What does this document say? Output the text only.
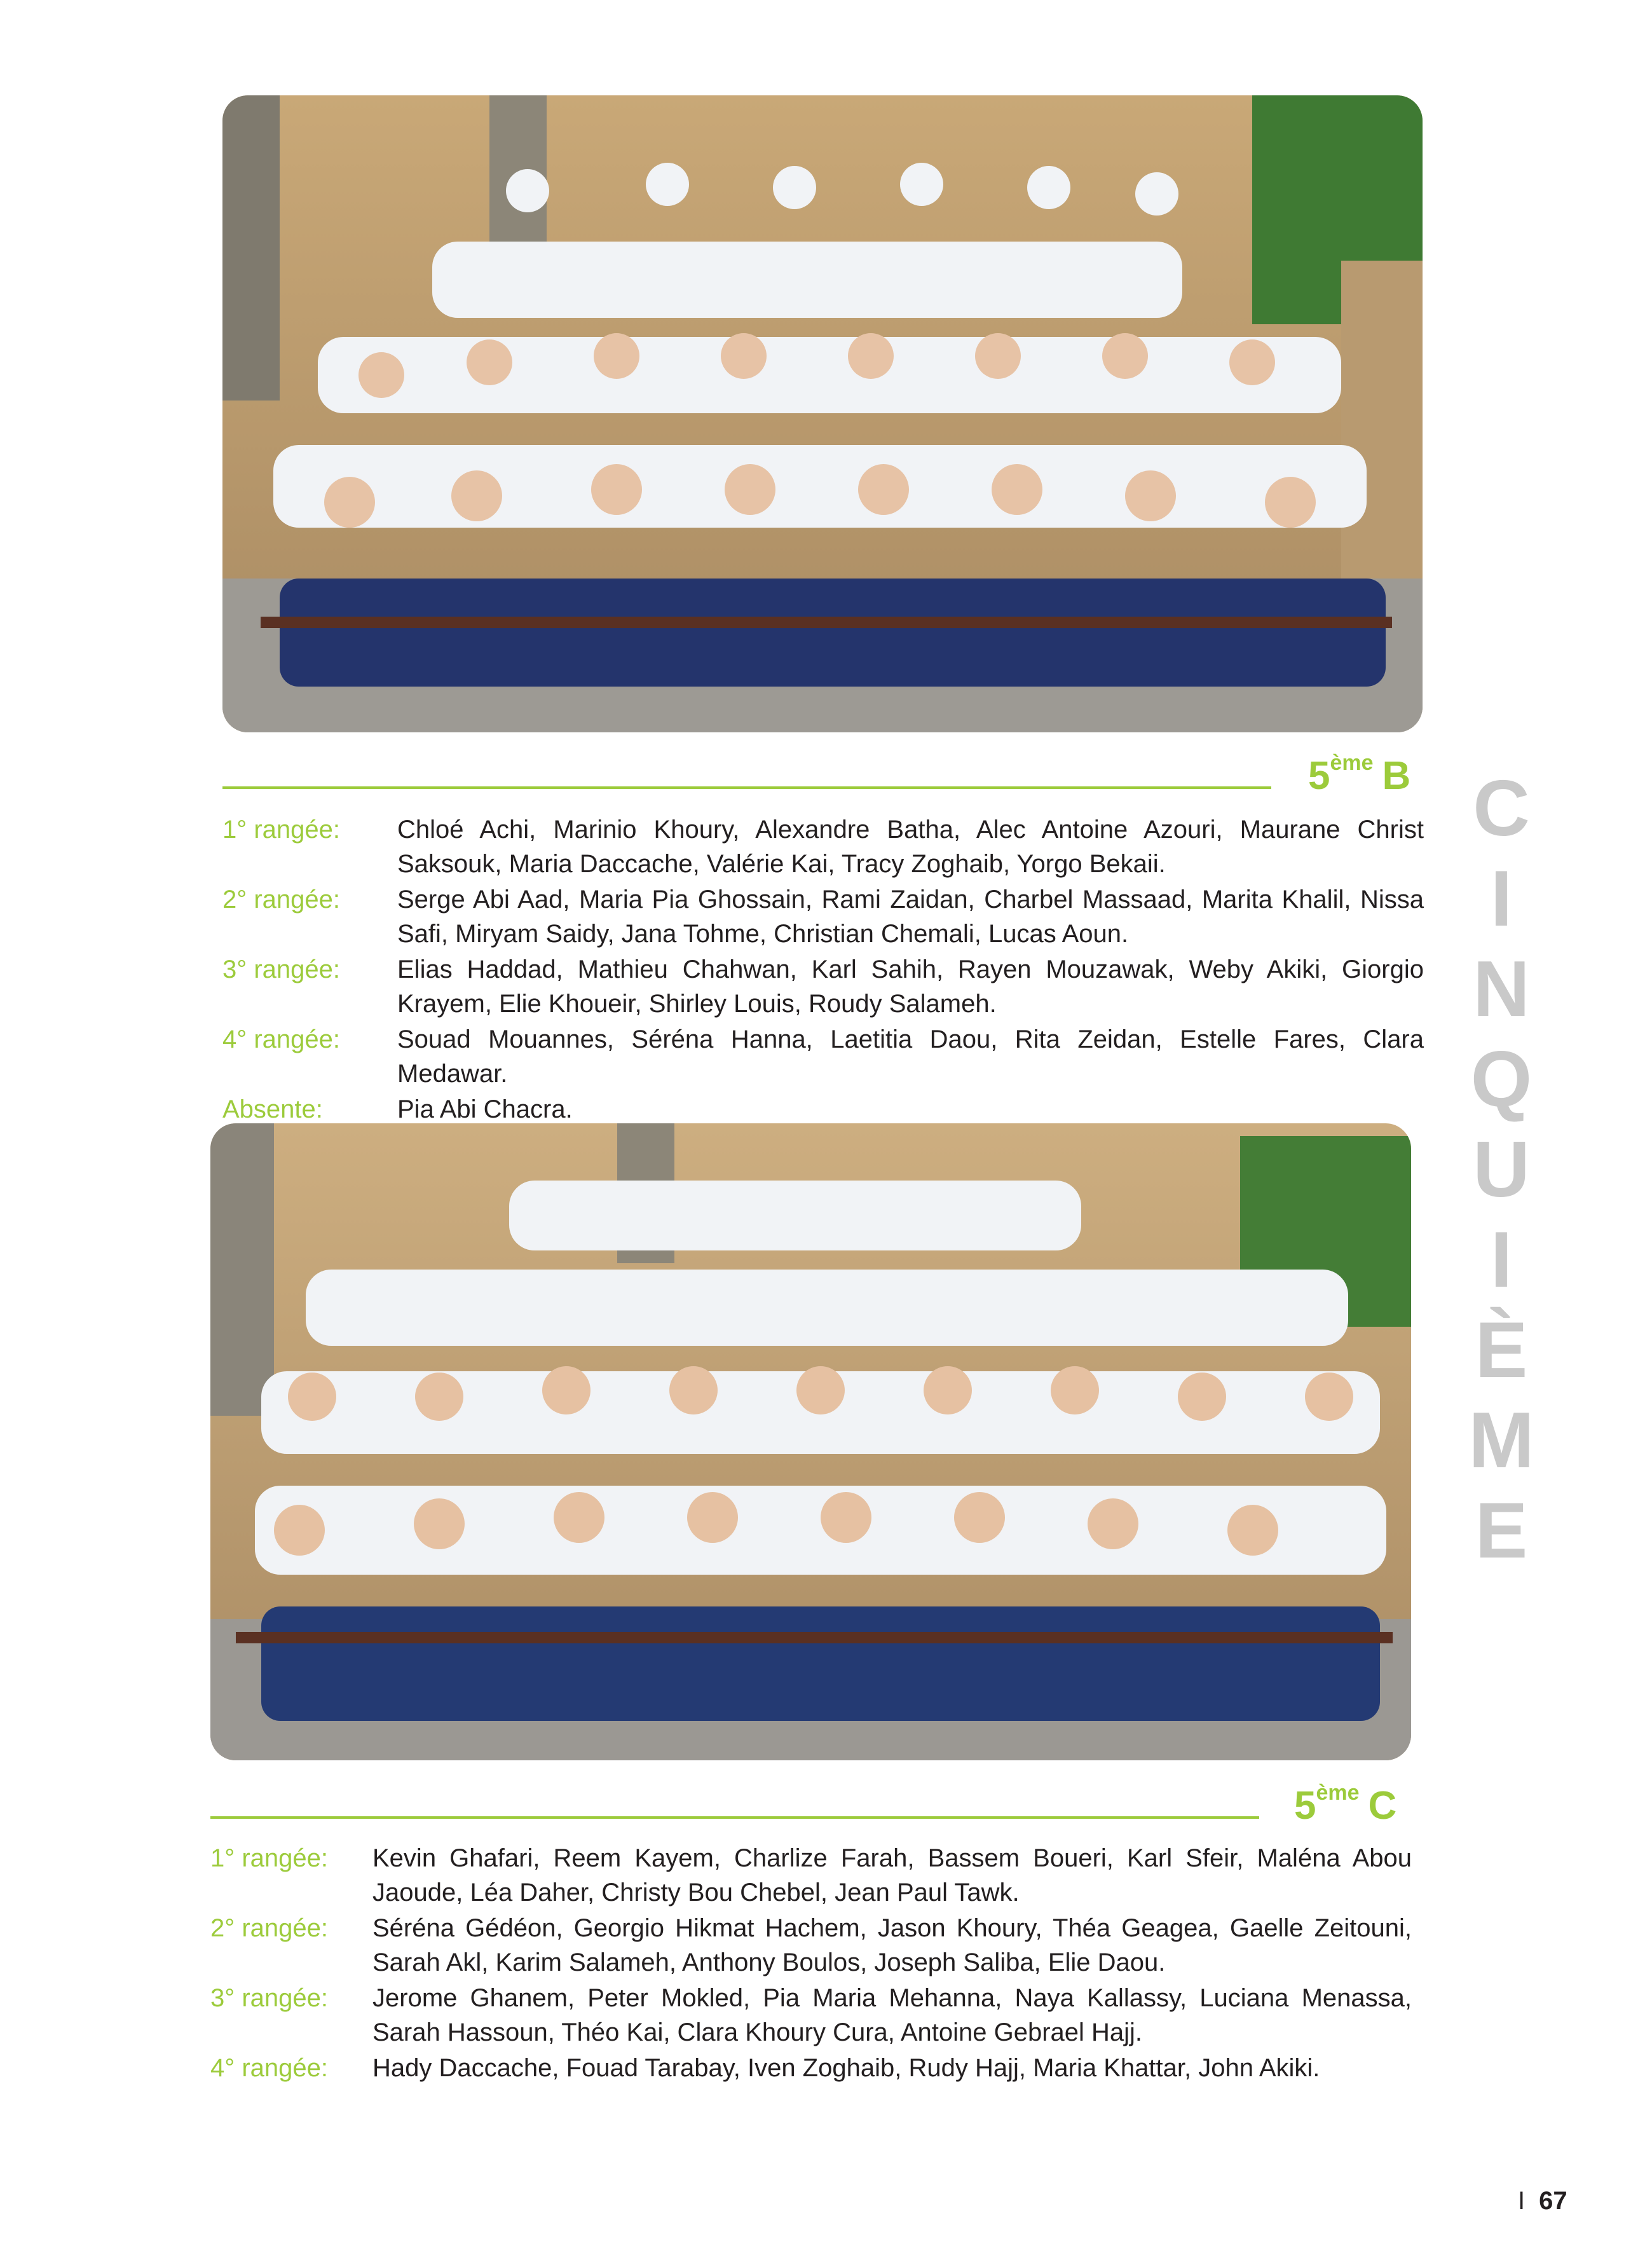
5ème B
1° rangée:	Chloé Achi, Marinio Khoury, Alexandre Batha, Alec Antoine Azouri, Maurane Christ Saksouk, Maria Daccache, Valérie Kai, Tracy Zoghaib, Yorgo Bekaii.
2° rangée:	Serge Abi Aad, Maria Pia Ghossain, Rami Zaidan, Charbel Massaad, Marita Khalil, Nissa Safi, Miryam Saidy, Jana Tohme, Christian Chemali, Lucas Aoun.
3° rangée:	Elias Haddad, Mathieu Chahwan, Karl Sahih, Rayen Mouzawak, Weby Akiki, Giorgio Krayem, Elie Khoueir, Shirley Louis, Roudy Salameh.
4° rangée:	Souad Mouannes, Séréna Hanna, Laetitia Daou, Rita Zeidan, Estelle Fares, Clara Medawar.
Absente:	Pia Abi Chacra.
5ème C
1° rangée:	Kevin Ghafari, Reem Kayem, Charlize Farah, Bassem Boueri, Karl Sfeir, Maléna Abou Jaoude, Léa Daher, Christy Bou Chebel, Jean Paul Tawk.
2° rangée:	Séréna Gédéon, Georgio Hikmat Hachem, Jason Khoury, Théa Geagea, Gaelle Zeitouni, Sarah Akl, Karim Salameh, Anthony Boulos, Joseph Saliba, Elie Daou.
3° rangée:	Jerome Ghanem, Peter Mokled, Pia Maria Mehanna, Naya Kallassy, Luciana Menassa, Sarah Hassoun, Théo Kai, Clara Khoury Cura, Antoine Gebrael Hajj.
4° rangée:	Hady Daccache, Fouad Tarabay, Iven Zoghaib, Rudy Hajj, Maria Khattar, John Akiki.
C
I
N
Q
U
I
È
M
E
I 67
